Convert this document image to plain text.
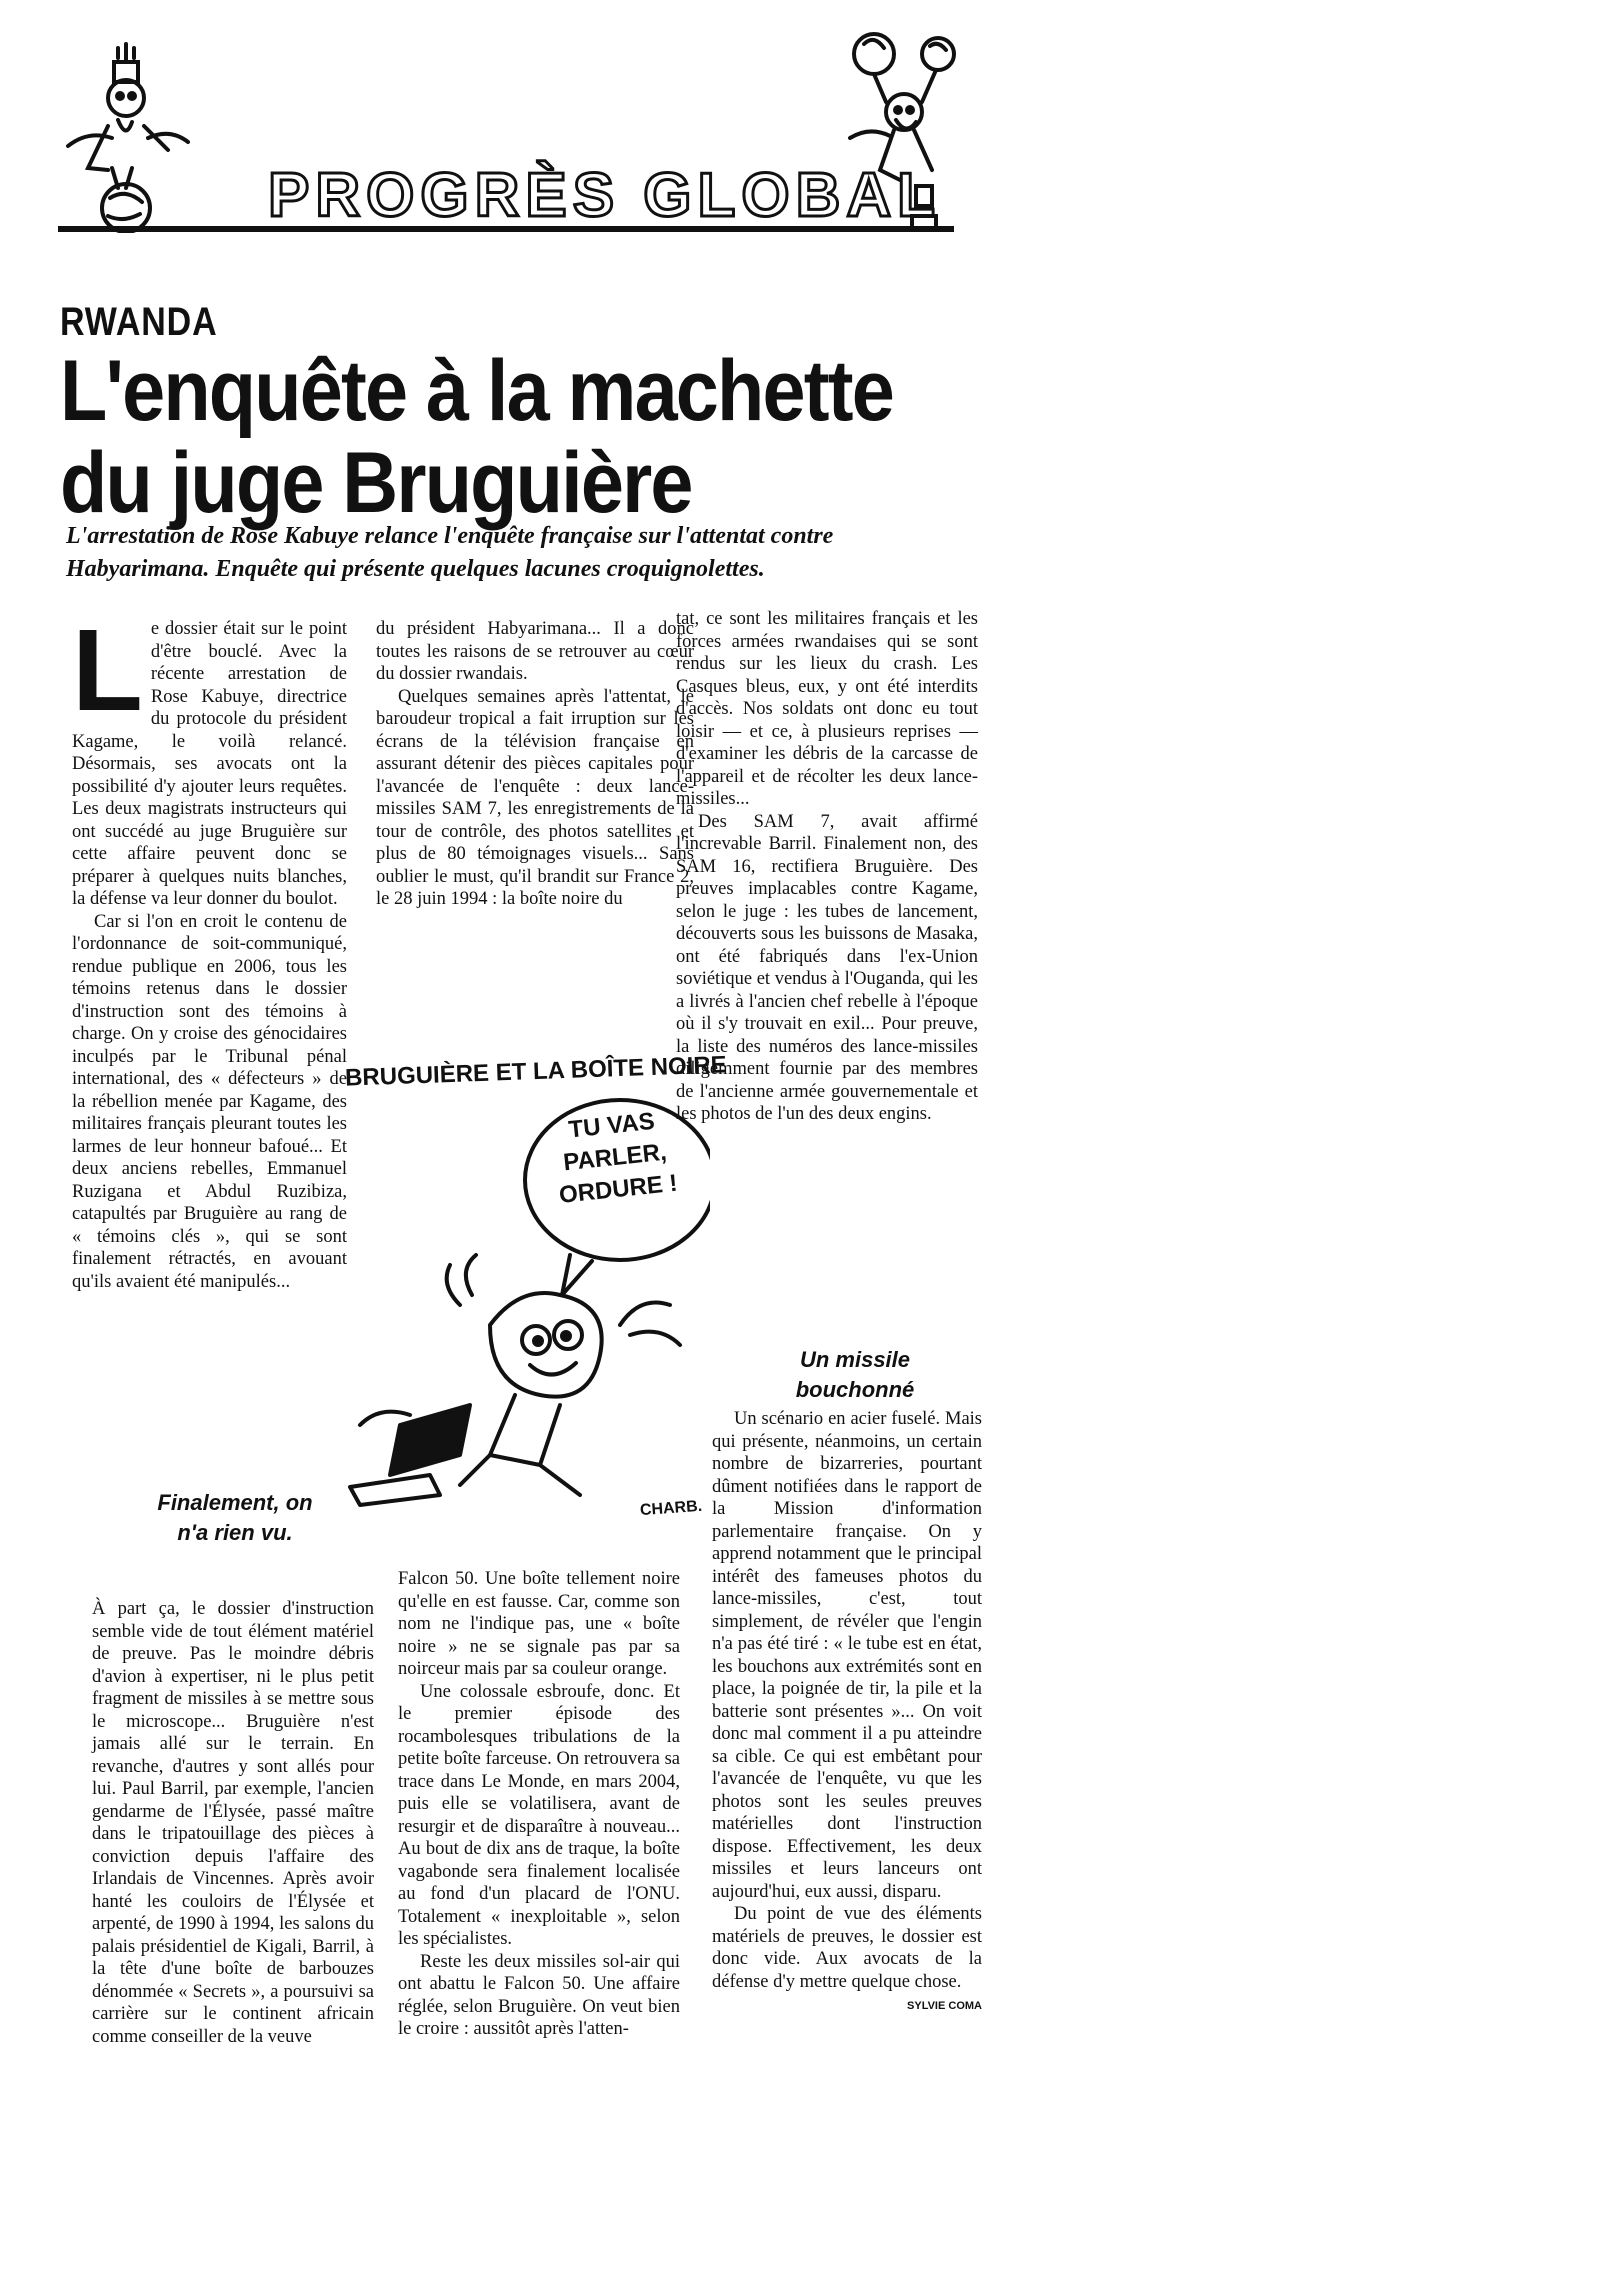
PROGRÈS GLOBAL
RWANDA
L'enquête à la machette du juge Bruguière
L'arrestation de Rose Kabuye relance l'enquête française sur l'attentat contre Habyarimana. Enquête qui présente quelques lacunes croquignolettes.
L e dossier était sur le point d'être bouclé. Avec la récente arrestation de Rose Kabuye, directrice du protocole du président Kagame, le voilà relancé. Désormais, ses avocats ont la possibilité d'y ajouter leurs requêtes. Les deux magistrats instructeurs qui ont succédé au juge Bruguière sur cette affaire peuvent donc se préparer à quelques nuits blanches, la défense va leur donner du boulot.

Car si l'on en croit le contenu de l'ordonnance de soit-communiqué, rendue publique en 2006, tous les témoins retenus dans le dossier d'instruction sont des témoins à charge. On y croise des génocidaires inculpés par le Tribunal pénal international, des « défecteurs » de la rébellion menée par Kagame, des militaires français pleurant toutes les larmes de leur honneur bafoué... Et deux anciens rebelles, Emmanuel Ruzigana et Abdul Ruzibiza, catapultés par Bruguière au rang de « témoins clés », qui se sont finalement rétractés, en avouant qu'ils avaient été manipulés...

Finalement, on n'a rien vu.

À part ça, le dossier d'instruction semble vide de tout élément matériel de preuve. Pas le moindre débris d'avion à expertiser, ni le plus petit fragment de missiles à se mettre sous le microscope... Bruguière n'est jamais allé sur le terrain. En revanche, d'autres y sont allés pour lui. Paul Barril, par exemple, l'ancien gendarme de l'Élysée, passé maître dans le tripatouillage des pièces à conviction depuis l'affaire des Irlandais de Vincennes. Après avoir hanté les couloirs de l'Élysée et arpenté, de 1990 à 1994, les salons du palais présidentiel de Kigali, Barril, à la tête d'une boîte de barbouzes dénommée « Secrets », a poursuivi sa carrière sur le continent africain comme conseiller de la veuve

du président Habyarimana... Il a donc toutes les raisons de se retrouver au cœur du dossier rwandais.

Quelques semaines après l'attentat, le baroudeur tropical a fait irruption sur les écrans de la télévision française en assurant détenir des pièces capitales pour l'avancée de l'enquête : deux lance-missiles SAM 7, les enregistrements de la tour de contrôle, des photos satellites et plus de 80 témoignages visuels... Sans oublier le must, qu'il brandit sur France 2, le 28 juin 1994 : la boîte noire du

Falcon 50. Une boîte tellement noire qu'elle en est fausse. Car, comme son nom ne l'indique pas, une « boîte noire » ne se signale pas par sa noirceur mais par sa couleur orange.

Une colossale esbroufe, donc. Et le premier épisode des rocambolesques tribulations de la petite boîte farceuse. On retrouvera sa trace dans Le Monde, en mars 2004, puis elle se volatilisera, avant de resurgir et de disparaître à nouveau... Au bout de dix ans de traque, la boîte vagabonde sera finalement localisée au fond d'un placard de l'ONU. Totalement « inexploitable », selon les spécialistes.

Reste les deux missiles sol-air qui ont abattu le Falcon 50. Une affaire réglée, selon Bruguière. On veut bien le croire : aussitôt après l'atten-

BRUGUIÈRE ET LA BOÎTE NOIRE
TU VAS PARLER, ORDURE !
CHARB.

tat, ce sont les militaires français et les forces armées rwandaises qui se sont rendus sur les lieux du crash. Les Casques bleus, eux, y ont été interdits d'accès. Nos soldats ont donc eu tout loisir — et ce, à plusieurs reprises — d'examiner les débris de la carcasse de l'appareil et de récolter les deux lance-missiles...

Des SAM 7, avait affirmé l'increvable Barril. Finalement non, des SAM 16, rectifiera Bruguière. Des preuves implacables contre Kagame, selon le juge : les tubes de lancement, découverts sous les buissons de Masaka, ont été fabriqués dans l'ex-Union soviétique et vendus à l'Ouganda, qui les a livrés à l'ancien chef rebelle à l'époque où il s'y trouvait en exil... Pour preuve, la liste des numéros des lance-missiles diligemment fournie par des membres de l'ancienne armée gouvernementale et les photos de l'un des deux engins.

Un missile bouchonné

Un scénario en acier fuselé. Mais qui présente, néanmoins, un certain nombre de bizarreries, pourtant dûment notifiées dans le rapport de la Mission d'information parlementaire française. On y apprend notamment que le principal intérêt des fameuses photos du lance-missiles, c'est, tout simplement, de révéler que l'engin n'a pas été tiré : « le tube est en état, les bouchons aux extrémités sont en place, la poignée de tir, la pile et la batterie sont présentes »... On voit donc mal comment il a pu atteindre sa cible. Ce qui est embêtant pour l'avancée de l'enquête, vu que les photos sont les seules preuves matérielles dont l'instruction dispose. Effectivement, les deux missiles et leurs lanceurs ont aujourd'hui, eux aussi, disparu.

Du point de vue des éléments matériels de preuves, le dossier est donc vide. Aux avocats de la défense d'y mettre quelque chose.

SYLVIE COMA
